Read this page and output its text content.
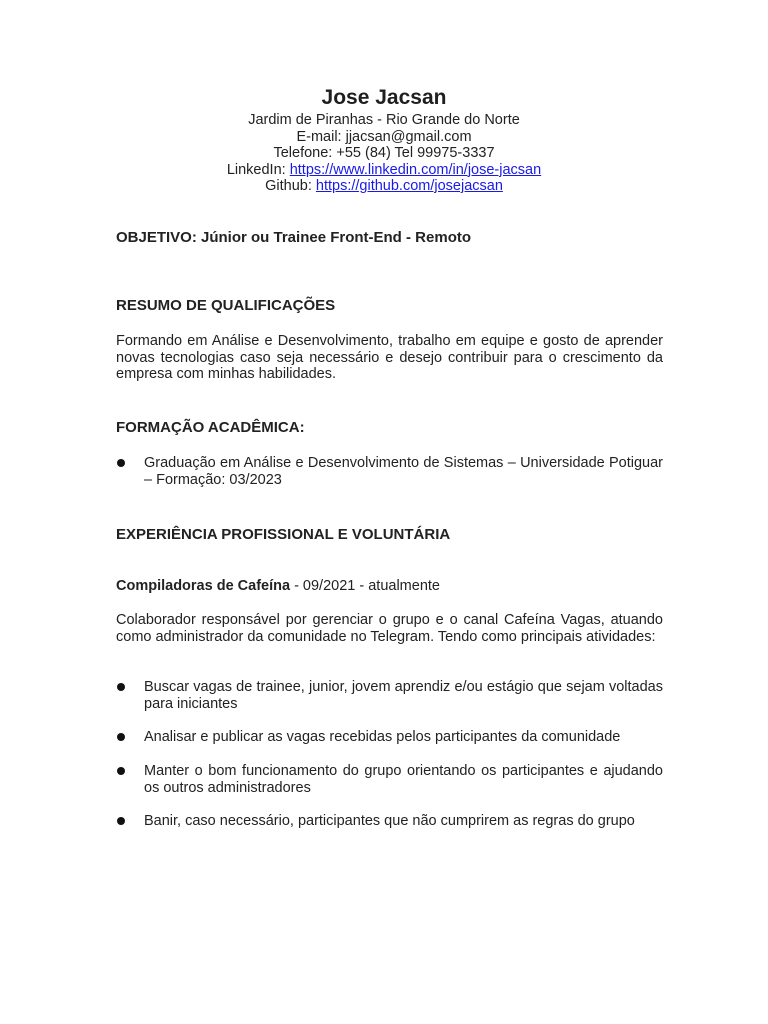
Jose Jacsan
Jardim de Piranhas - Rio Grande do Norte
E-mail: jjacsan@gmail.com
Telefone: +55 (84) Tel 99975-3337
LinkedIn: https://www.linkedin.com/in/jose-jacsan
Github: https://github.com/josejacsan
OBJETIVO: Júnior ou Trainee Front-End - Remoto
RESUMO DE QUALIFICAÇÕES
Formando em Análise e Desenvolvimento, trabalho em equipe e gosto de aprender novas tecnologias caso seja necessário e desejo contribuir para o crescimento da empresa com minhas habilidades.
FORMAÇÃO ACADÊMICA:
Graduação em Análise e Desenvolvimento de Sistemas – Universidade Potiguar – Formação: 03/2023
EXPERIÊNCIA PROFISSIONAL E VOLUNTÁRIA
Compiladoras de Cafeína - 09/2021 - atualmente
Colaborador responsável por gerenciar o grupo e o canal Cafeína Vagas, atuando como administrador da comunidade no Telegram. Tendo como principais atividades:
Buscar vagas de trainee, junior, jovem aprendiz e/ou estágio que sejam voltadas para iniciantes
Analisar e publicar as vagas recebidas pelos participantes da comunidade
Manter o bom funcionamento do grupo orientando os participantes e ajudando os outros administradores
Banir, caso necessário, participantes que não cumprirem as regras do grupo
